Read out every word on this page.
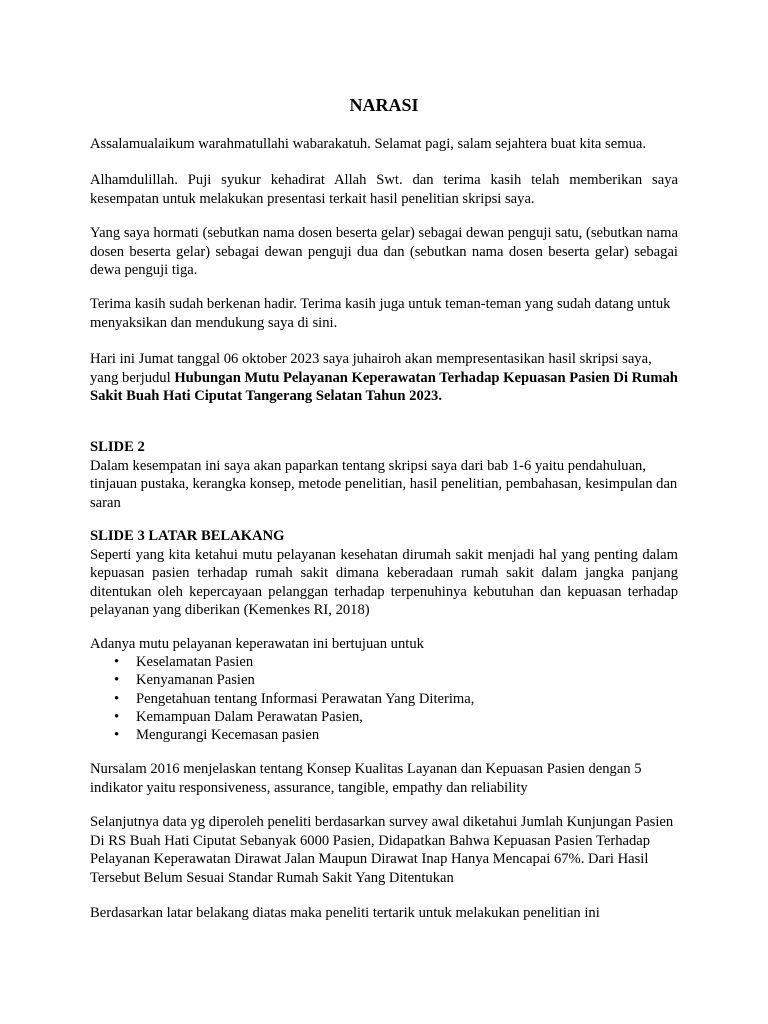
NARASI

Assalamualaikum warahmatullahi wabarakatuh. Selamat pagi, salam sejahtera buat kita semua.

Alhamdulillah. Puji syukur kehadirat Allah Swt. dan terima kasih telah memberikan saya kesempatan untuk melakukan presentasi terkait hasil penelitian skripsi saya.

Yang saya hormati (sebutkan nama dosen beserta gelar) sebagai dewan penguji satu, (sebutkan nama dosen beserta gelar) sebagai dewan penguji dua dan (sebutkan nama dosen beserta gelar) sebagai dewa penguji tiga.

Terima kasih sudah berkenan hadir. Terima kasih juga untuk teman-teman yang sudah datang untuk menyaksikan dan mendukung saya di sini.

Hari ini Jumat tanggal 06 oktober 2023 saya juhairoh akan mempresentasikan hasil skripsi saya, yang berjudul Hubungan Mutu Pelayanan Keperawatan Terhadap Kepuasan Pasien Di Rumah Sakit Buah Hati Ciputat Tangerang Selatan Tahun 2023.

SLIDE 2
Dalam kesempatan ini saya akan paparkan tentang skripsi saya dari bab 1-6 yaitu pendahuluan, tinjauan pustaka, kerangka konsep, metode penelitian, hasil penelitian, pembahasan, kesimpulan dan saran
SLIDE 3 LATAR BELAKANG
Seperti yang kita ketahui mutu pelayanan kesehatan dirumah sakit menjadi hal yang penting dalam kepuasan pasien terhadap rumah sakit dimana keberadaan rumah sakit dalam jangka panjang ditentukan oleh kepercayaan pelanggan terhadap terpenuhinya kebutuhan dan kepuasan terhadap pelayanan yang diberikan (Kemenkes RI, 2018)

Adanya mutu pelayanan keperawatan ini bertujuan untuk

• Keselamatan Pasien
• Kenyamanan Pasien
• Pengetahuan tentang Informasi Perawatan Yang Diterima,
• Kemampuan Dalam Perawatan Pasien,
• Mengurangi Kecemasan pasien

Nursalam 2016 menjelaskan tentang Konsep Kualitas Layanan dan Kepuasan Pasien dengan 5 indikator yaitu responsiveness, assurance, tangible, empathy dan reliability

Selanjutnya data yg diperoleh peneliti berdasarkan survey awal diketahui Jumlah Kunjungan Pasien Di RS Buah Hati Ciputat Sebanyak 6000 Pasien, Didapatkan Bahwa Kepuasan Pasien Terhadap Pelayanan Keperawatan Dirawat Jalan Maupun Dirawat Inap Hanya Mencapai 67%. Dari Hasil Tersebut Belum Sesuai Standar Rumah Sakit Yang Ditentukan

Berdasarkan latar belakang diatas maka peneliti tertarik untuk melakukan penelitian ini
